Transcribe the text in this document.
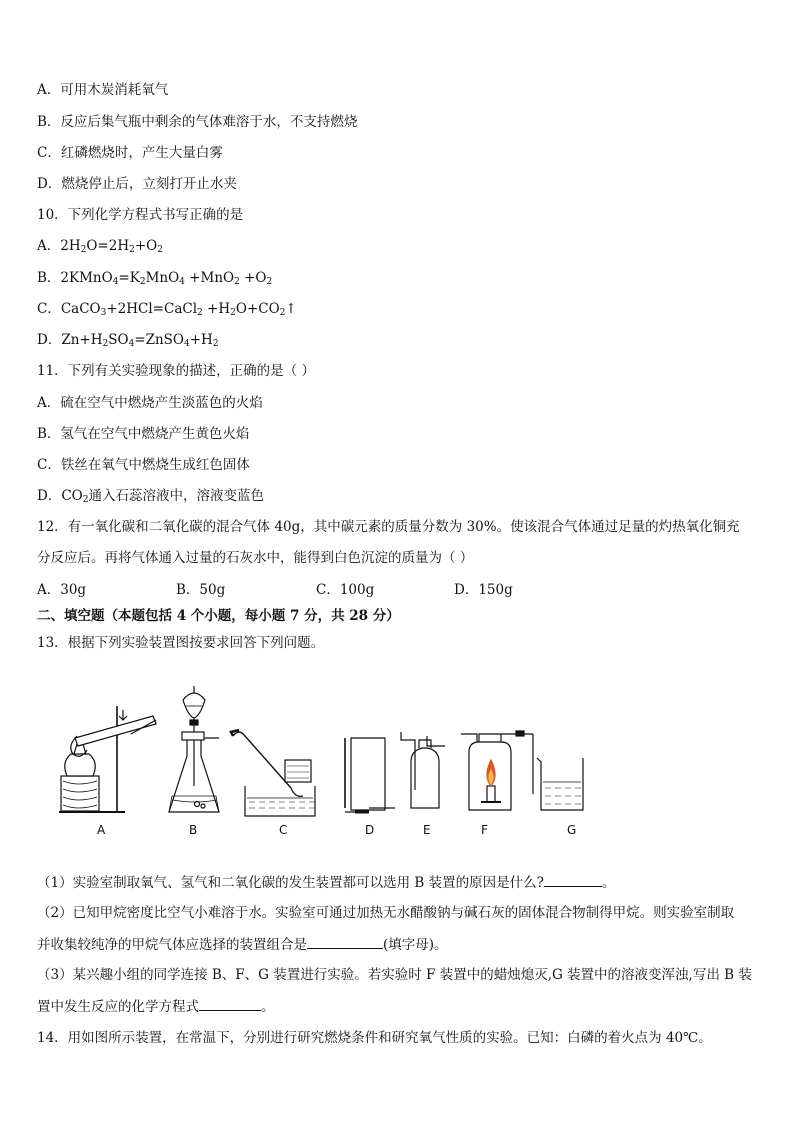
A．可用木炭消耗氧气
B．反应后集气瓶中剩余的气体难溶于水，不支持燃烧
C．红磷燃烧时，产生大量白雾
D．燃烧停止后，立刻打开止水夹
10．下列化学方程式书写正确的是
A．$2H_2O=2H_2+O_2$
B．$2KMnO_4=K_2MnO_4 +MnO_2 +O_2$
C．CaCO$_3$+2HCl=CaCl$_2$ $+H_2O+CO_2↑$
D．$Zn+H_2SO_4=ZnSO_4+H_2$
11．下列有关实验现象的描述，正确的是（ ）
A．硫在空气中燃烧产生淡蓝色的火焰
B．氢气在空气中燃烧产生黄色火焰
C．铁丝在氧气中燃烧生成红色固体
D．$CO_2$通入石蕊溶液中，溶液变蓝色
12．有一氧化碳和二氧化碳的混合气体 40g，其中碳元素的质量分数为 30%。使该混合气体通过足量的灼热氧化铜充
分反应后。再将气体通入过量的石灰水中，能得到白色沉淀的质量为（ ）
A．30g	B．50g	C．100g	D．150g
二、填空题（本题包括 4 个小题，每小题 7 分，共 28 分）
13．根据下列实验装置图按要求回答下列问题。
A	B	C	D	E	F	G
（1）实验室制取氧气、氢气和二氧化碳的发生装置都可以选用 B 装置的原因是什么?	。
（2）已知甲烷密度比空气小难溶于水。实验室可通过加热无水醋酸钠与碱石灰的固体混合物制得甲烷。则实验室制取
并收集较纯净的甲烷气体应选择的装置组合是	(填字母)。
（3）某兴趣小组的同学连接 B、F、G 装置进行实验。若实验时 F 装置中的蜡烛熄灭,G 装置中的溶液变浑浊,写出 B 装
置中发生反应的化学方程式	。
14．用如图所示装置，在常温下，分别进行研究燃烧条件和研究氧气性质的实验。已知：白磷的着火点为 40℃。
